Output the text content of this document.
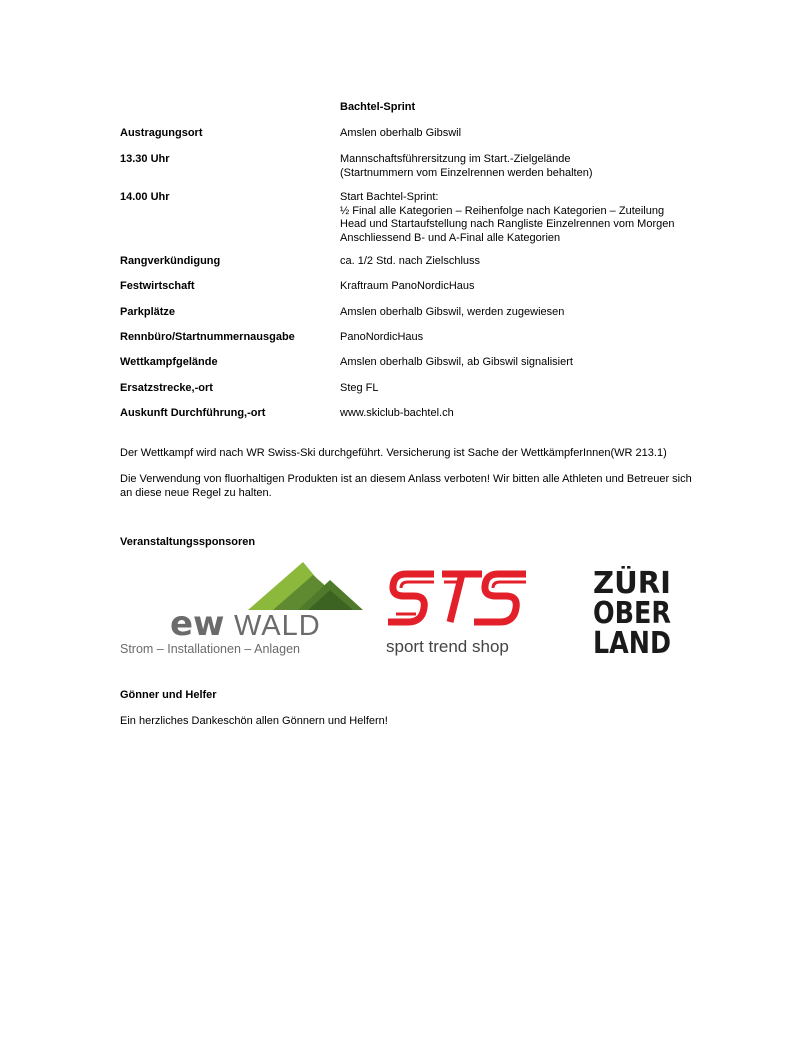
Bachtel-Sprint
Austragungsort	Amslen oberhalb Gibswil
13.30 Uhr	Mannschaftsführersitzung im Start.-Zielgelände
(Startnummern vom Einzelrennen werden behalten)
14.00 Uhr	Start Bachtel-Sprint:
½ Final alle Kategorien – Reihenfolge nach Kategorien – Zuteilung
Head und Startaufstellung nach Rangliste Einzelrennen vom Morgen
Anschliessend B- und A-Final alle Kategorien
Rangverkündigung	ca. 1/2 Std. nach Zielschluss
Festwirtschaft	Kraftraum PanoNordicHaus
Parkplätze	Amslen oberhalb Gibswil, werden zugewiesen
Rennbüro/Startnummernausgabe	PanoNordicHaus
Wettkampfgelände	Amslen oberhalb Gibswil, ab Gibswil signalisiert
Ersatzstrecke,-ort	Steg FL
Auskunft Durchführung,-ort	www.skiclub-bachtel.ch
Der Wettkampf wird nach WR Swiss-Ski durchgeführt. Versicherung ist Sache der WettkämpferInnen(WR 213.1)
Die Verwendung von fluorhaltigen Produkten ist an diesem Anlass verboten! Wir bitten alle Athleten und Betreuer sich an diese neue Regel zu halten.
Veranstaltungssponsoren
ew WALD
Strom – Installationen – Anlagen	sport trend shop
ZÜRI
OBER
LAND
Gönner und Helfer
Ein herzliches Dankeschön allen Gönnern und Helfern!
